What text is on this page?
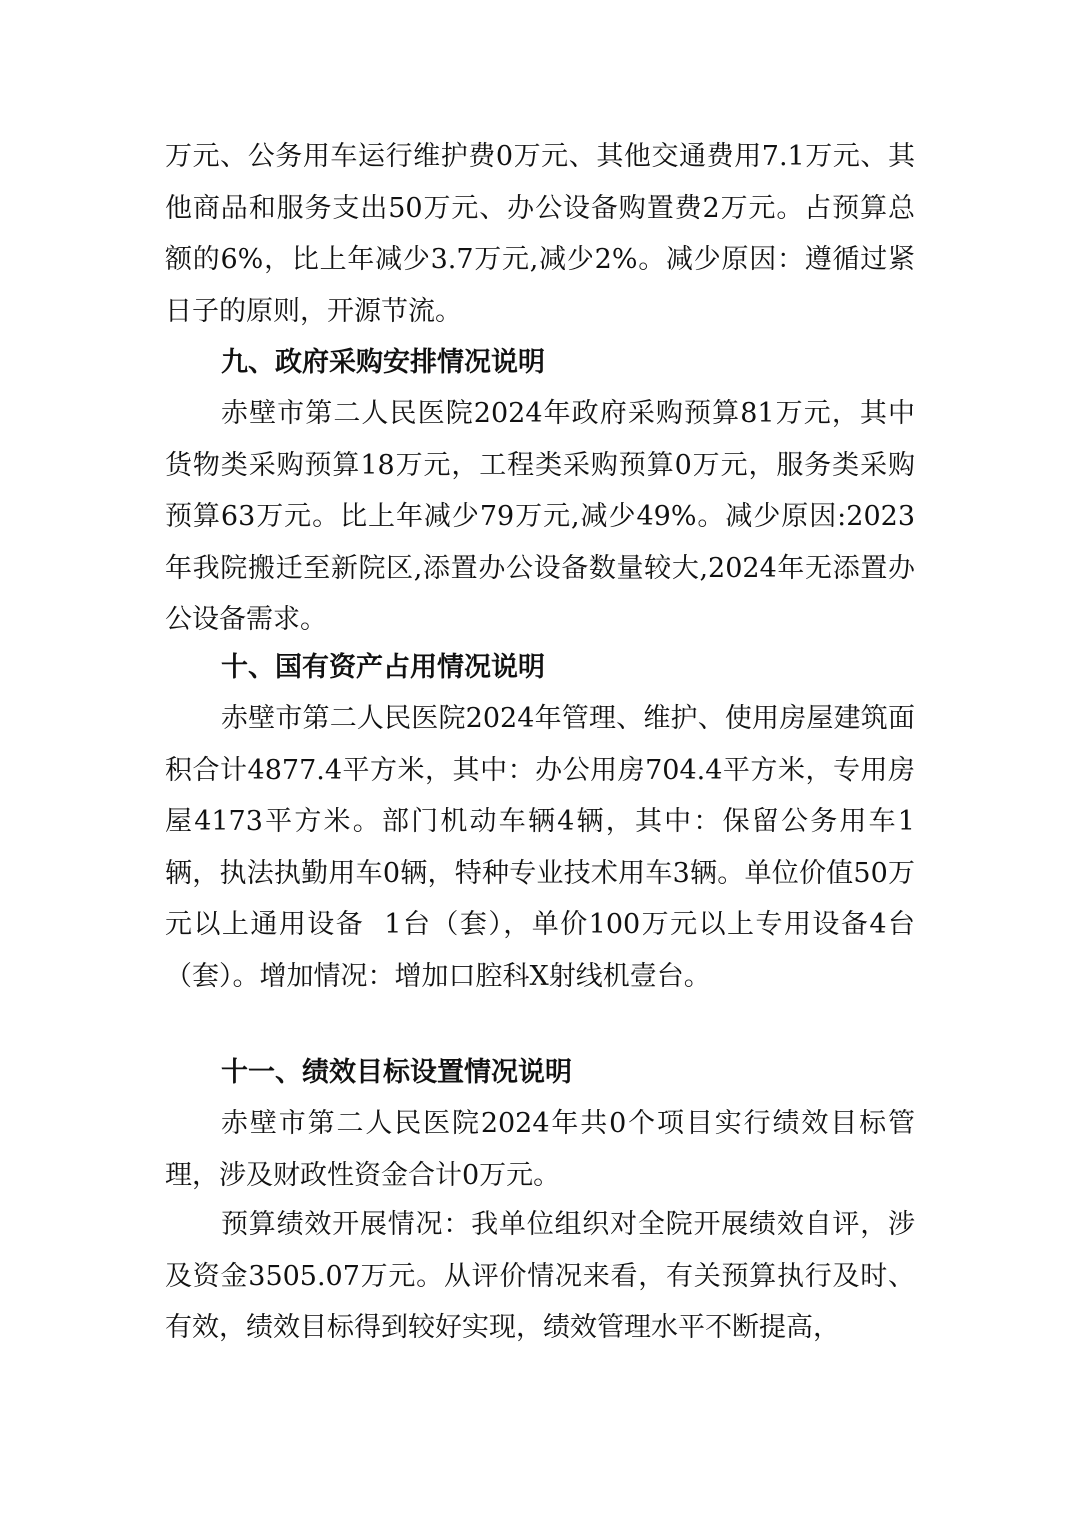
万元、公务用车运行维护费0万元、其他交通费用7.1万元、其他商品和服务支出50万元、办公设备购置费2万元。占预算总额的6%，比上年减少3.7万元,减少2%。减少原因：遵循过紧日子的原则，开源节流。

九、政府采购安排情况说明

赤壁市第二人民医院2024年政府采购预算81万元，其中货物类采购预算18万元，工程类采购预算0万元，服务类采购预算63万元。比上年减少79万元,减少49%。减少原因:2023年我院搬迁至新院区,添置办公设备数量较大,2024年无添置办公设备需求。

十、国有资产占用情况说明

赤壁市第二人民医院2024年管理、维护、使用房屋建筑面积合计4877.4平方米，其中：办公用房704.4平方米，专用房屋4173平方米。部门机动车辆4辆，其中：保留公务用车1辆，执法执勤用车0辆，特种专业技术用车3辆。单位价值50万元以上通用设备  1台（套），单价100万元以上专用设备4台（套）。增加情况：增加口腔科X射线机壹台。

十一、绩效目标设置情况说明

赤壁市第二人民医院2024年共0个项目实行绩效目标管理，涉及财政性资金合计0万元。

预算绩效开展情况：我单位组织对全院开展绩效自评，涉及资金3505.07万元。从评价情况来看，有关预算执行及时、有效，绩效目标得到较好实现，绩效管理水平不断提高，
